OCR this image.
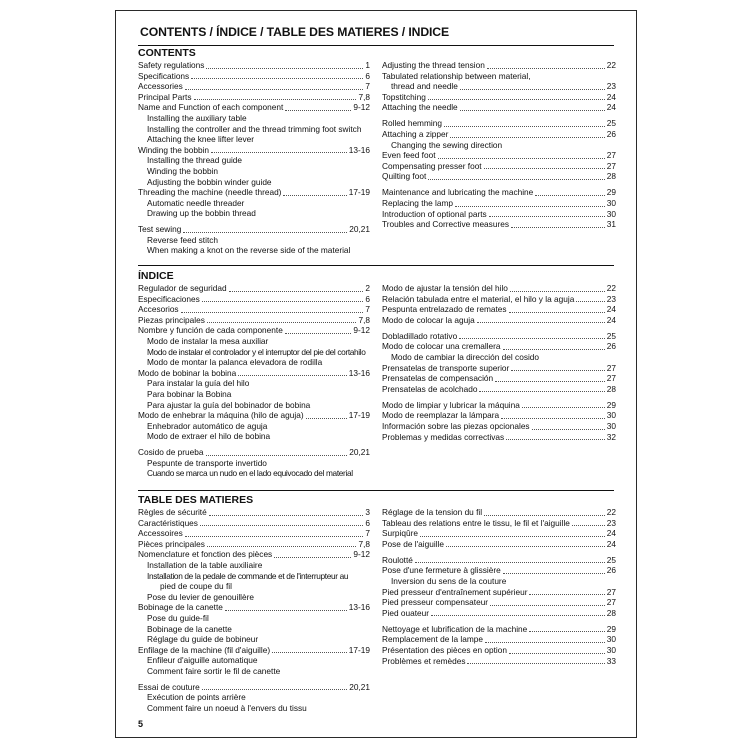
CONTENTS / ÍNDICE / TABLE DES MATIERES / INDICE
CONTENTS
Safety regulations	1
Specifications	6
Accessories	7
Principal Parts	7,8
Name and Function of each component	9-12
Installing the auxiliary table
Installing the controller and the thread trimming foot switch
Attaching the knee lifter lever
Winding the bobbin	13-16
Installing the thread guide
Winding the bobbin
Adjusting the bobbin winder guide
Threading the machine (needle thread)	17-19
Automatic needle threader
Drawing up the bobbin thread
Test sewing	20,21
Reverse feed stitch
When making a knot on the reverse side of the material
Adjusting the thread tension	22
Tabulated relationship between material,
thread and needle	23
Topstitching	24
Attaching the needle	24
Rolled hemming	25
Attaching a zipper	26
Changing the sewing direction
Even feed foot	27
Compensating presser foot	27
Quilting foot	28
Maintenance and lubricating the machine	29
Replacing the lamp	30
Introduction of optional parts	30
Troubles and Corrective measures	31
ÍNDICE
Regulador de seguridad	2
Especificaciones	6
Accesorios	7
Piezas principales	7,8
Nombre y función de cada componente	9-12
Modo de instalar la mesa auxiliar
Modo de instalar el controlador y el interruptor del pie del cortahilo
Modo de montar la palanca elevadora de rodilla
Modo de bobinar la bobina	13-16
Para instalar la guía del hilo
Para bobinar la Bobina
Para ajustar la guía del bobinador de bobina
Modo de enhebrar la máquina (hilo de aguja)	17-19
Enhebrador automático de aguja
Modo de extraer el hilo de bobina
Cosido de prueba	20,21
Pespunte de transporte invertido
Cuando se marca un nudo en el lado equivocado del material
Modo de ajustar la tensión del hilo	22
Relación tabulada entre el material, el hilo y la aguja	23
Pespunta entrelazado de remates	24
Modo de colocar la aguja	24
Dobladillado rotativo	25
Modo de colocar una cremallera	26
Modo de cambiar la dirección del cosido
Prensatelas de transporte superior	27
Prensatelas de compensación	27
Prensatelas de acolchado	28
Modo de limpiar y lubricar la máquina	29
Modo de reemplazar la lámpara	30
Información sobre las piezas opcionales	30
Problemas y medidas correctivas	32
TABLE DES MATIERES
Règles de sécurité	3
Caractéristiques	6
Accessoires	7
Pièces principales	7,8
Nomenclature et fonction des pièces	9-12
Installation de la table auxiliaire
Installation de la pedale de commande et de l'interrupteur au
pied de coupe du fil
Pose du levier de genouillère
Bobinage de la canette	13-16
Pose du guide-fil
Bobinage de la canette
Réglage du guide de bobineur
Enfilage de la machine (fil d'aiguille)	17-19
Enfileur d'aiguille automatique
Comment faire sortir le fil de canette
Essai de couture	20,21
Exécution de points arrière
Comment faire un noeud à l'envers du tissu
Réglage de la tension du fil	22
Tableau des relations entre le tissu, le fil et l'aiguille	23
Surpiqûre	24
Pose de l'aiguille	24
Roulotté	25
Pose d'une fermeture à glissière	26
Inversion du sens de la couture
Pied presseur d'entraînement supérieur	27
Pied presseur compensateur	27
Pied ouateur	28
Nettoyage et lubrification de la machine	29
Remplacement de la lampe	30
Présentation des pièces en option	30
Problèmes et remèdes	33
5
